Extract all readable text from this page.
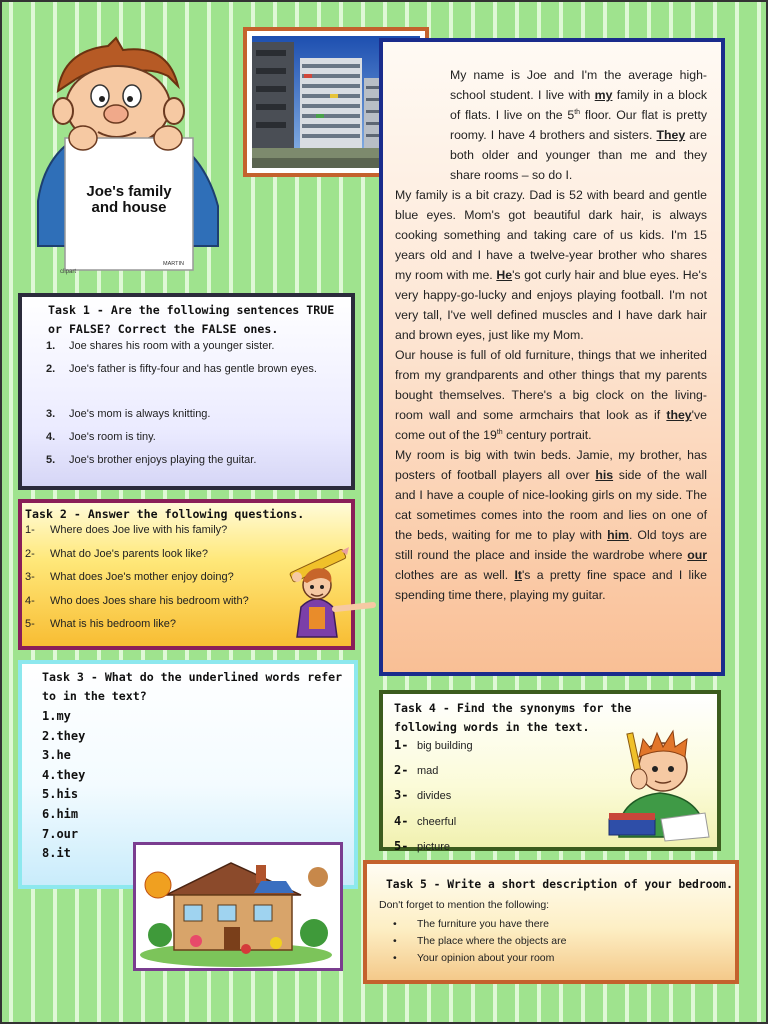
Joe's family
and house
MARTIN
clipart

My name is Joe and I'm the average high-school student. I live with my family in a block of flats. I live on the 5th floor. Our flat is pretty roomy. I have 4 brothers and sisters. They are both older and younger than me and they share rooms – so do I.

My family is a bit crazy. Dad is 52 with beard and gentle blue eyes. Mom's got beautiful dark hair, is always cooking something and taking care of us kids. I'm 15 years old and I have a twelve-year brother who shares my room with me. He's got curly hair and blue eyes. He's very happy-go-lucky and enjoys playing football. I'm not very tall, I've well defined muscles and I have dark hair and brown eyes, just like my Mom.

Our house is full of old furniture, things that we inherited from my grandparents and other things that my parents bought themselves. There's a big clock on the living-room wall and some armchairs that look as if they've come out of the 19th century portrait.

My room is big with twin beds. Jamie, my brother, has posters of football players all over his side of the wall and I have a couple of nice-looking girls on my side. The cat sometimes comes into the room and lies on one of the beds, waiting for me to play with him. Old toys are still round the place and inside the wardrobe where our clothes are as well. It's a pretty fine space and I like spending time there, playing my guitar.

Task 1 - Are the following sentences TRUE or FALSE? Correct the FALSE ones.
1.	Joe shares his room with a younger sister.
2.	Joe's father is fifty-four and has gentle brown eyes.
3.	Joe's mom is always knitting.
4.	Joe's room is tiny.
5.	Joe's brother enjoys playing the guitar.
Task 2 - Answer the following questions.
1-	Where does Joe live with his family?
2-	What do Joe's parents look like?
3-	What does Joe's mother enjoy doing?
4-	Who does Joes share his bedroom with?
5-	What is his bedroom like?
Task 3 - What do the underlined words refer to in the text?
1.my
2.they
3.he
4.they
5.his
6.him
7.our
8.it
Task 4 - Find the synonyms for the following words in the text.
1- big building
2- mad
3- divides
4- cheerful
5- picture
Task 5 - Write a short description of your bedroom.
Don't forget to mention the following:
•	The furniture you have there
•	The place where the objects are
•	Your opinion about your room
